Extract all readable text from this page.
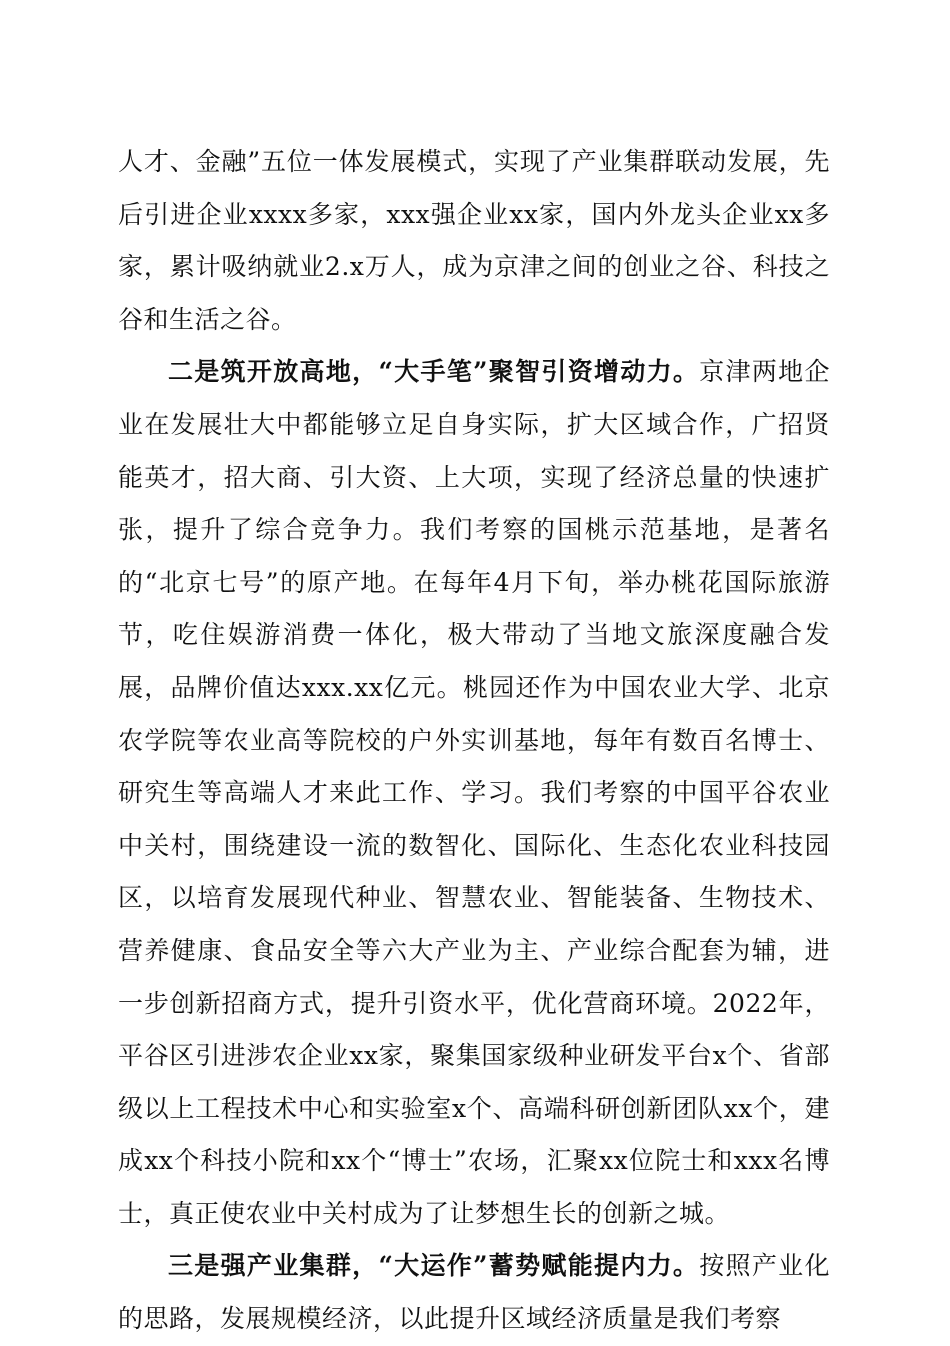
人才、金融”五位一体发展模式，实现了产业集群联动发展，先后引进企业xxxx多家，xxx强企业xx家，国内外龙头企业xx多家，累计吸纳就业2.x万人，成为京津之间的创业之谷、科技之谷和生活之谷。

二是筑开放高地，“大手笔”聚智引资增动力。京津两地企业在发展壮大中都能够立足自身实际，扩大区域合作，广招贤能英才，招大商、引大资、上大项，实现了经济总量的快速扩张，提升了综合竞争力。我们考察的国桃示范基地，是著名的“北京七号”的原产地。在每年4月下旬，举办桃花国际旅游节，吃住娱游消费一体化，极大带动了当地文旅深度融合发展，品牌价值达xxx.xx亿元。桃园还作为中国农业大学、北京农学院等农业高等院校的户外实训基地，每年有数百名博士、研究生等高端人才来此工作、学习。我们考察的中国平谷农业中关村，围绕建设一流的数智化、国际化、生态化农业科技园区，以培育发展现代种业、智慧农业、智能装备、生物技术、营养健康、食品安全等六大产业为主、产业综合配套为辅，进一步创新招商方式，提升引资水平，优化营商环境。2022年，平谷区引进涉农企业xx家，聚集国家级种业研发平台x个、省部级以上工程技术中心和实验室x个、高端科研创新团队xx个，建成xx个科技小院和xx个“博士”农场，汇聚xx位院士和xxx名博士，真正使农业中关村成为了让梦想生长的创新之城。

三是强产业集群，“大运作”蓄势赋能提内力。按照产业化的思路，发展规模经济，以此提升区域经济质量是我们考察
